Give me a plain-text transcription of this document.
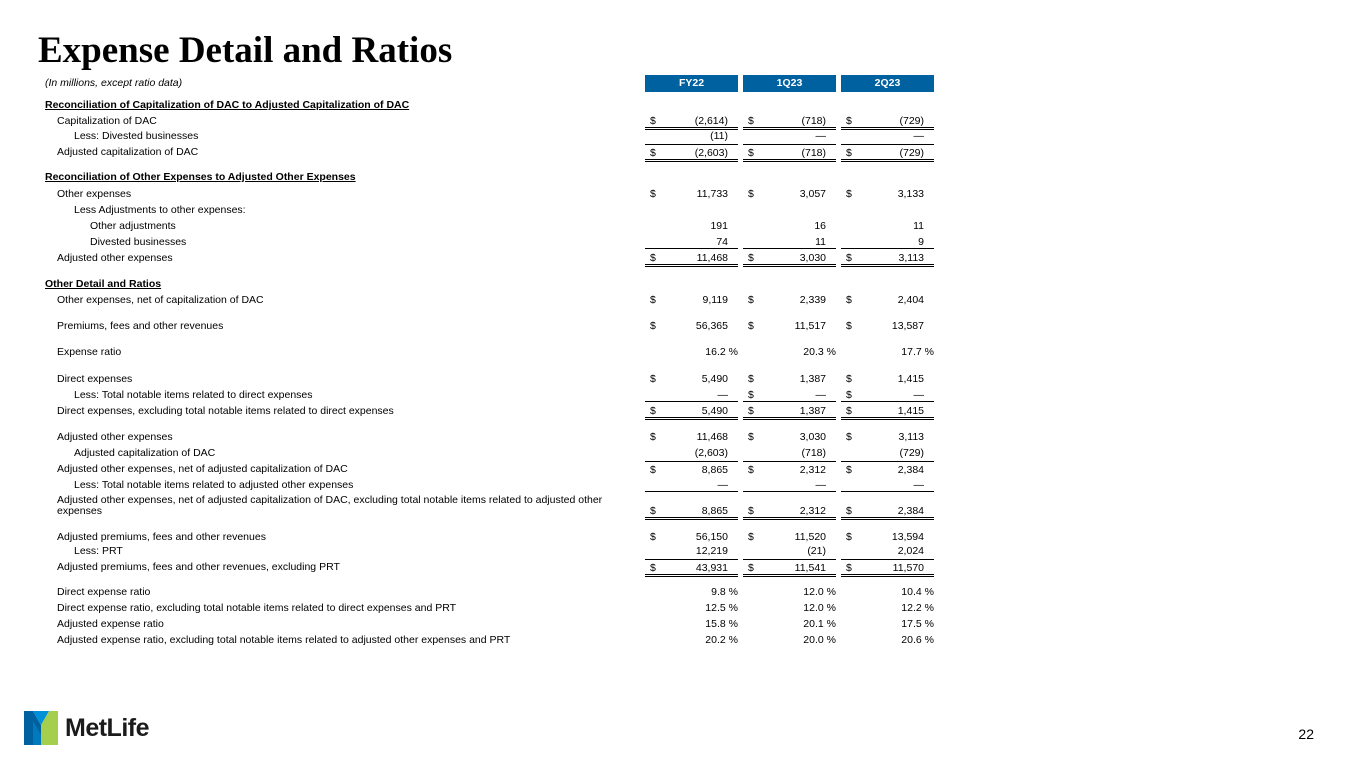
Expense Detail and Ratios
(In millions, except ratio data)	FY22	1Q23	2Q23
Reconciliation of Capitalization of DAC to Adjusted Capitalization of DAC
Capitalization of DAC	$	(2,614) $	(718) $	(729)
Less: Divested businesses	(11)	—	—
Adjusted capitalization of DAC	$	(2,603) $	(718) $	(729)
Reconciliation of Other Expenses to Adjusted Other Expenses
Other expenses	$	11,733 $	3,057 $	3,133
Less Adjustments to other expenses:
Other adjustments	191	16	11
Divested businesses	74	11	9
Adjusted other expenses	$	11,468 $	3,030 $	3,113
Other Detail and Ratios
Other expenses, net of capitalization of DAC	$	9,119 $	2,339 $	2,404
Premiums, fees and other revenues	$	56,365 $	11,517 $	13,587
Expense ratio	16.2 %	20.3 %	17.7 %
Direct expenses	$	5,490 $	1,387 $	1,415
Less: Total notable items related to direct expenses	— $	— $	—
Direct expenses, excluding total notable items related to direct expenses	$	5,490 $	1,387 $	1,415
Adjusted other expenses	$	11,468 $	3,030 $	3,113
Adjusted capitalization of DAC	(2,603)	(718)	(729)
Adjusted other expenses, net of adjusted capitalization of DAC	$	8,865 $	2,312 $	2,384
Less: Total notable items related to adjusted other expenses	—	—	—
Adjusted other expenses, net of adjusted capitalization of DAC, excluding total notable items related to adjusted other expenses	$	8,865 $	2,312 $	2,384
Adjusted premiums, fees and other revenues	$	56,150 $	11,520 $	13,594
Less: PRT	12,219	(21)	2,024
Adjusted premiums, fees and other revenues, excluding PRT	$	43,931 $	11,541 $	11,570
Direct expense ratio	9.8 %	12.0 %	10.4 %
Direct expense ratio, excluding total notable items related to direct expenses and PRT	12.5 %	12.0 %	12.2 %
Adjusted expense ratio	15.8 %	20.1 %	17.5 %
Adjusted expense ratio, excluding total notable items related to adjusted other expenses and PRT	20.2 %	20.0 %	20.6 %
MetLife	22
